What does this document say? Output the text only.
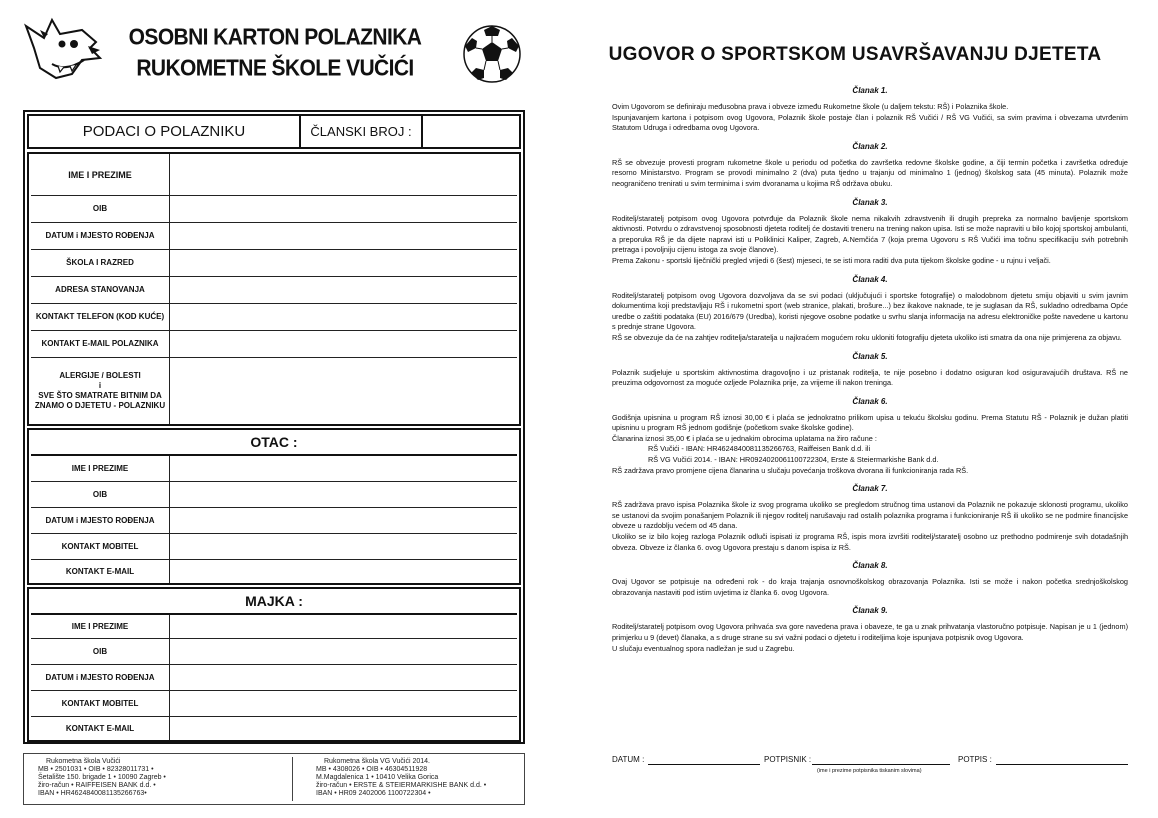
OSOBNI KARTON POLAZNIKA
RUKOMETNE ŠKOLE VUČIĆI
PODACI O POLAZNIKU	ČLANSKI BROJ :
IME I PREZIME
OIB
DATUM i MJESTO ROĐENJA
ŠKOLA I RAZRED
ADRESA STANOVANJA
KONTAKT TELEFON (KOD KUĆE)
KONTAKT E-MAIL POLAZNIKA
ALERGIJE / BOLESTI
i
SVE ŠTO SMATRATE BITNIM DA
ZNAMO O DJETETU - POLAZNIKU
OTAC :
IME I PREZIME
OIB
DATUM i MJESTO ROĐENJA
KONTAKT MOBITEL
KONTAKT E-MAIL
MAJKA :
IME I PREZIME
OIB
DATUM i MJESTO ROĐENJA
KONTAKT MOBITEL
KONTAKT E-MAIL
Rukometna škola Vučići
MB • 2501031 • OIB • 82328011731 •
Šetalište 150. brigade 1 • 10090 Zagreb •
žiro-račun • RAIFFEISEN BANK d.d. •
IBAN • HR4624840081135266763•
Rukometna škola VG Vučići 2014.
MB • 4308026 • OIB • 46304511928
M.Magdalenica 1 • 10410 Velika Gorica
žiro-račun • ERSTE & STEIERMARKISHE BANK d.d. •
IBAN • HR09 2402006 1100722304 •
UGOVOR O SPORTSKOM USAVRŠAVANJU DJETETA
Članak 1.

Ovim Ugovorom se definiraju međusobna prava i obveze između Rukometne škole (u daljem tekstu: RŠ) i Polaznika škole.

Ispunjavanjem kartona i potpisom ovog Ugovora, Polaznik škole postaje član i polaznik RŠ Vučići / RŠ VG Vučići, sa svim pravima i obvezama utvrđenim Statutom Udruga i odredbama ovog Ugovora.

Članak 2.

RŠ se obvezuje provesti program rukometne škole u periodu od početka do završetka redovne školske godine, a čiji termin početka i završetka određuje resorno Ministarstvo. Program se provodi minimalno 2 (dva) puta tjedno u trajanju od minimalno 1 (jednog) školskog sata (45 minuta). Polaznik može neograničeno trenirati u svim terminima i svim dvoranama u kojima RŠ održava obuku.

Članak 3.

Roditelj/staratelj potpisom ovog Ugovora potvrđuje da Polaznik škole nema nikakvih zdravstvenih ili drugih prepreka za normalno bavljenje sportskom aktivnosti. Potvrdu o zdravstvenoj sposobnosti djeteta roditelj će dostaviti treneru na trening nakon upisa. Isti se može napraviti u bilo kojoj sportskoj ambulanti, a preporuka RŠ je da dijete napravi isti u Poliklinici Kaliper, Zagreb, A.Nemčića 7 (koja prema Ugovoru s RŠ Vučići ima točnu specifikaciju svih potrebnih pretraga i povoljniju cijenu istoga za svoje članove).

Prema Zakonu - sportski liječnički pregled vrijedi 6 (šest) mjeseci, te se isti mora raditi dva puta tijekom školske godine - u rujnu i veljači.

Članak 4.

Roditelj/staratelj potpisom ovog Ugovora dozvoljava da se svi podaci (uključujući i sportske fotografije) o malodobnom djetetu smiju objaviti u svim javnim dokumentima koji predstavljaju RŠ i rukometni sport (web stranice, plakati, brošure...) bez ikakove naknade, te je suglasan da RŠ, sukladno odredbama Opće uredbe o zaštiti podataka (EU) 2016/679 (Uredba), koristi njegove osobne podatke u svrhu slanja informacija na adresu elektroničke pošte navedene u kartonu s prednje strane Ugovora.

RŠ se obvezuje da će na zahtjev roditelja/staratelja u najkraćem mogućem roku ukloniti fotografiju djeteta ukoliko isti smatra da ona nije primjerena za objavu.

Članak 5.

Polaznik sudjeluje u sportskim aktivnostima dragovoljno i uz pristanak roditelja, te nije posebno i dodatno osiguran kod osiguravajućih društava. RŠ ne preuzima odgovornost za moguće ozljede Polaznika prije, za vrijeme ili nakon treninga.

Članak 6.

Godišnja upisnina u program RŠ iznosi 30,00 € i plaća se jednokratno prilikom upisa u tekuću školsku godinu. Prema Statutu RŠ - Polaznik je dužan platiti upisninu u program RŠ jednom godišnje (početkom svake školske godine).

Članarina iznosi 35,00 € i plaća se u jednakim obrocima uplatama na žiro račune :

RŠ Vučići - IBAN: HR4624840081135266763, Raiffeisen Bank d.d. ili

RŠ VG Vučići 2014. - IBAN: HR0924020061100722304, Erste & Steiermarkishe Bank d.d.

RŠ zadržava pravo promjene cijena članarina u slučaju povećanja troškova dvorana ili funkcioniranja rada RŠ.

Članak 7.

RŠ zadržava pravo ispisa Polaznika škole iz svog programa ukoliko se pregledom stručnog tima ustanovi da Polaznik ne pokazuje sklonosti programu, ukoliko se ustanovi da svojim ponašanjem Polaznik ili njegov roditelj narušavaju rad ostalih polaznika programa i funkcioniranje RŠ ili ukoliko se ne podmire financijske obveze u razdoblju većem od 45 dana.

Ukoliko se iz bilo kojeg razloga Polaznik odluči ispisati iz programa RŠ, ispis mora izvršiti roditelj/staratelj osobno uz prethodno podmirenje svih dotadašnjih obveza. Obveze iz članka 6. ovog Ugovora prestaju s danom ispisa iz RŠ.

Članak 8.

Ovaj Ugovor se potpisuje na određeni rok - do kraja trajanja osnovnoškolskog obrazovanja Polaznika. Isti se može i nakon početka srednjoškolskog obrazovanja nastaviti pod istim uvjetima iz članka 6. ovog Ugovora.

Članak 9.

Roditelj/staratelj potpisom ovog Ugovora prihvaća sva gore navedena prava i obaveze, te ga u znak prihvatanja vlastoručno potpisuje. Napisan je u 1 (jednom) primjerku u 9 (devet) članaka, a s druge strane su svi važni podaci o djetetu i roditeljima koje ispunjava potpisnik ovog Ugovora.

U slučaju eventualnog spora nadležan je sud u Zagrebu.

DATUM :	POTPISNIK :
(ime i prezime potpisnika tiskanim slovima)
POTPIS :
